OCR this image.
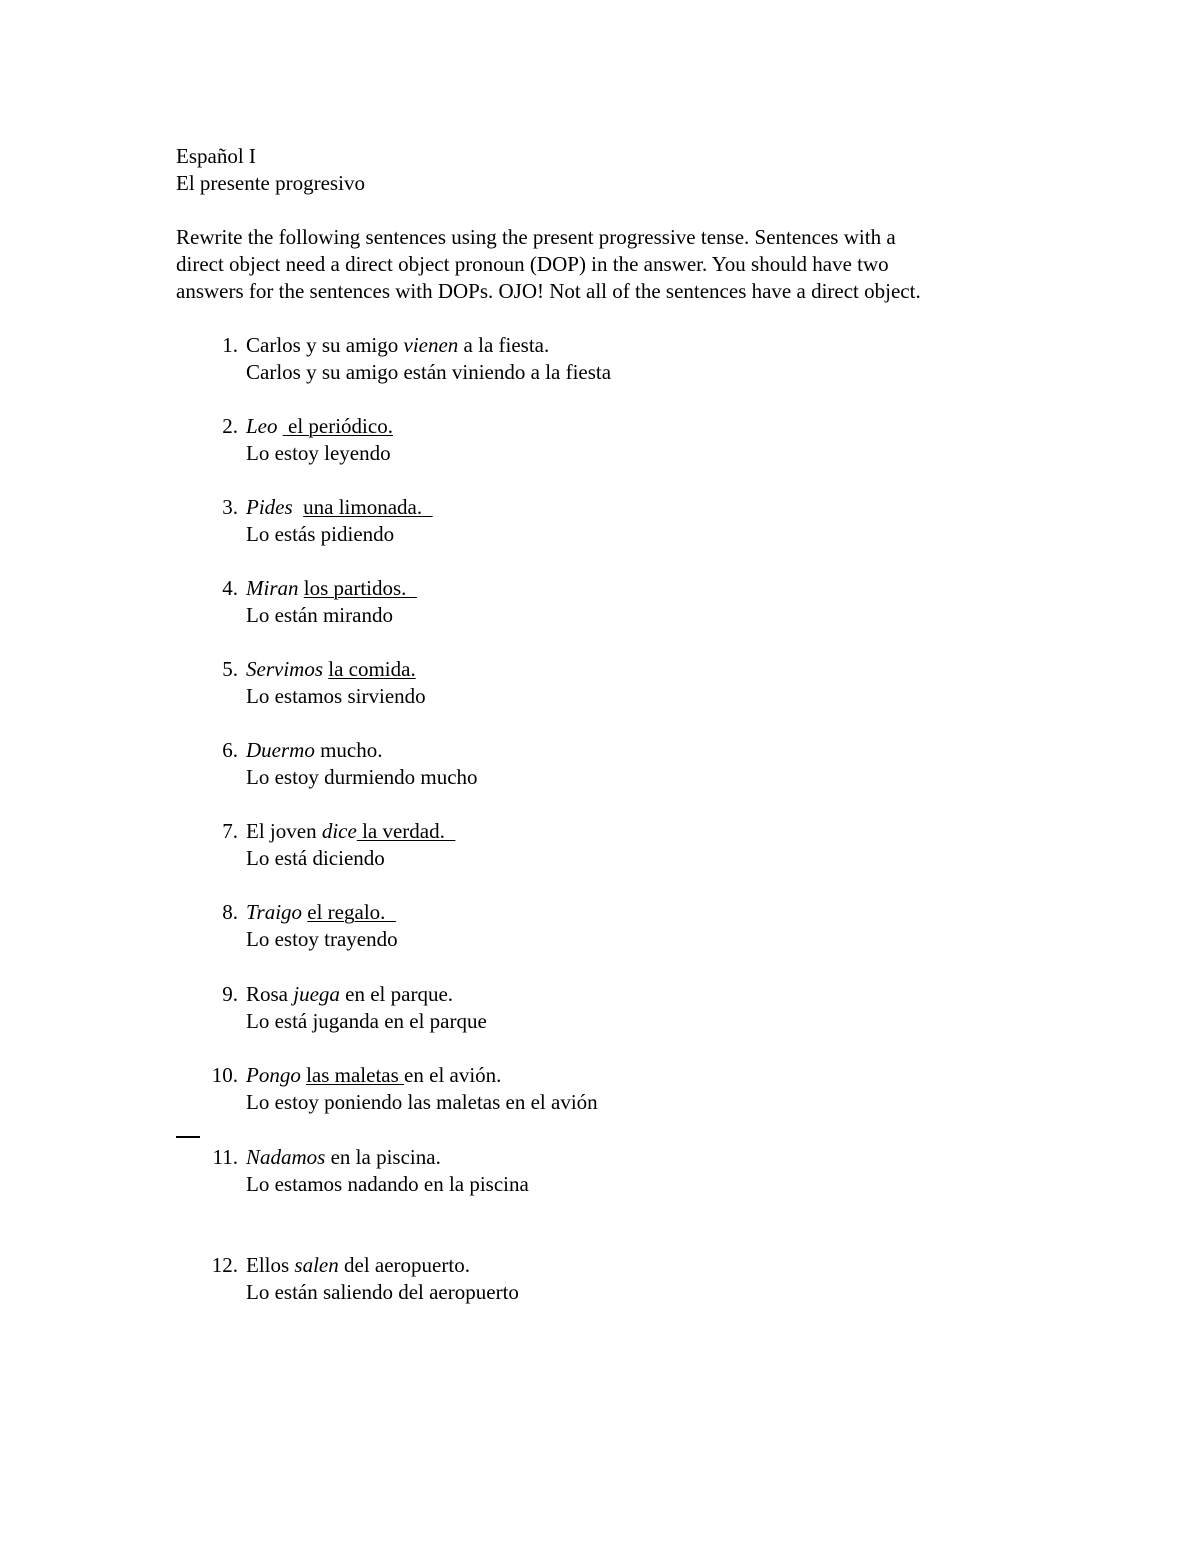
Español I
El presente progresivo
Rewrite the following sentences using the present progressive tense. Sentences with a
direct object need a direct object pronoun (DOP) in the answer. You should have two
answers for the sentences with DOPs. OJO! Not all of the sentences have a direct object.
1. Carlos y su amigo vienen a la fiesta.
Carlos y su amigo están viniendo a la fiesta
2. Leo  el periódico.
Lo estoy leyendo
3. Pides una limonada.
Lo estás pidiendo
4. Miran los partidos.
Lo están mirando
5. Servimos la comida.
Lo estamos sirviendo
6. Duermo mucho.
Lo estoy durmiendo mucho
7. El joven dice la verdad.
Lo está diciendo
8. Traigo el regalo.
Lo estoy trayendo
9. Rosa juega en el parque.
Lo está juganda en el parque
10. Pongo las maletas en el avión.
Lo estoy poniendo las maletas en el avión
11. Nadamos en la piscina.
Lo estamos nadando en la piscina
12. Ellos salen del aeropuerto.
Lo están saliendo del aeropuerto
